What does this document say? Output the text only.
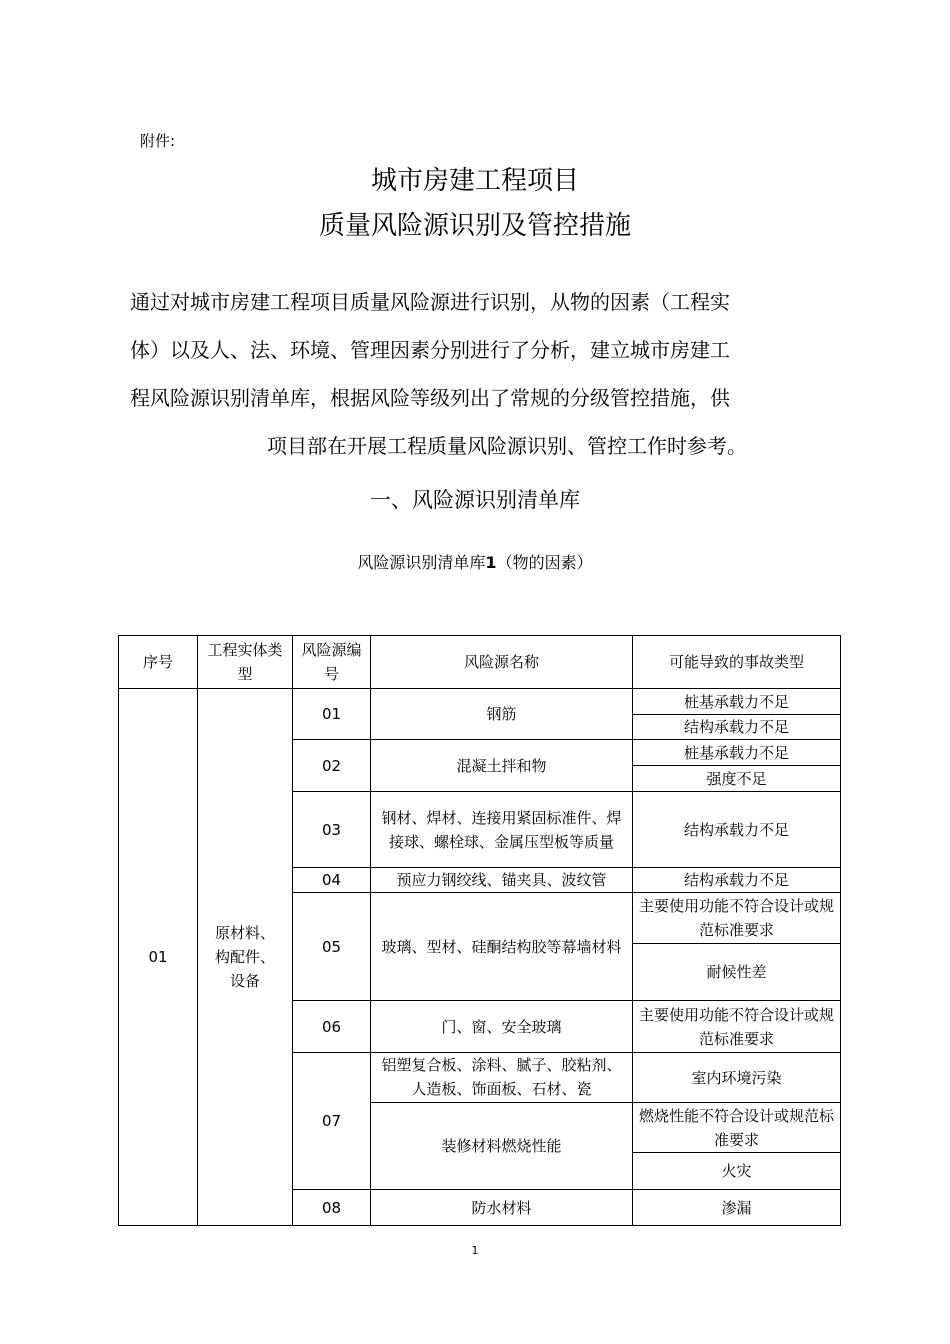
附件:
城市房建工程项目
质量风险源识别及管控措施
通过对城市房建工程项目质量风险源进行识别，从物的因素（工程实
体）以及人、法、环境、管理因素分别进行了分析，建立城市房建工
程风险源识别清单库，根据风险等级列出了常规的分级管控措施，供
项目部在开展工程质量风险源识别、管控工作时参考。
一、风险源识别清单库
风险源识别清单库1（物的因素）
序号	工程实体类型	风险源编号	风险源名称	可能导致的事故类型
01	原材料、构配件、设备	01	钢筋	桩基承载力不足
				结构承载力不足
		02	混凝土拌和物	桩基承载力不足
				强度不足
		03	钢材、焊材、连接用紧固标准件、焊接球、螺栓球、金属压型板等质量	结构承载力不足
		04	预应力钢绞线、锚夹具、波纹管	结构承载力不足
		05	玻璃、型材、硅酮结构胶等幕墙材料	主要使用功能不符合设计或规范标准要求
				耐候性差
		06	门、窗、安全玻璃	主要使用功能不符合设计或规范标准要求
		07	铝塑复合板、涂料、腻子、胶粘剂、人造板、饰面板、石材、瓷	室内环境污染
			装修材料燃烧性能	燃烧性能不符合设计或规范标准要求
				火灾
		08	防水材料	渗漏
1
